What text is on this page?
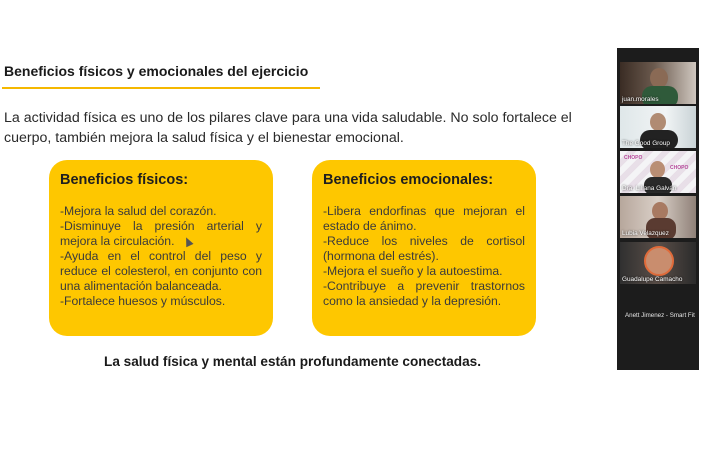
Beneficios físicos y emocionales del ejercicio
La actividad física es uno de los pilares clave para una vida saludable. No solo fortalece el cuerpo, también mejora la salud física y el bienestar emocional.
Beneficios físicos:
-Mejora la salud del corazón.
-Disminuye la presión arterial y mejora la circulación.
-Ayuda en el control del peso y reduce el colesterol, en conjunto con una alimentación balanceada.
-Fortalece huesos y músculos.
Beneficios emocionales:
-Libera endorfinas que mejoran el estado de ánimo.
-Reduce los niveles de cortisol (hormona del estrés).
-Mejora el sueño y la autoestima.
-Contribuye a prevenir trastornos como la ansiedad y la depresión.
La salud física y mental están profundamente conectadas.
juan.morales
The Good Group
CHOPO
CHOPO
Dra. Liliana Galván
Lubia Velazquez
Guadalupe Camacho
Anett Jimenez - Smart Fit
